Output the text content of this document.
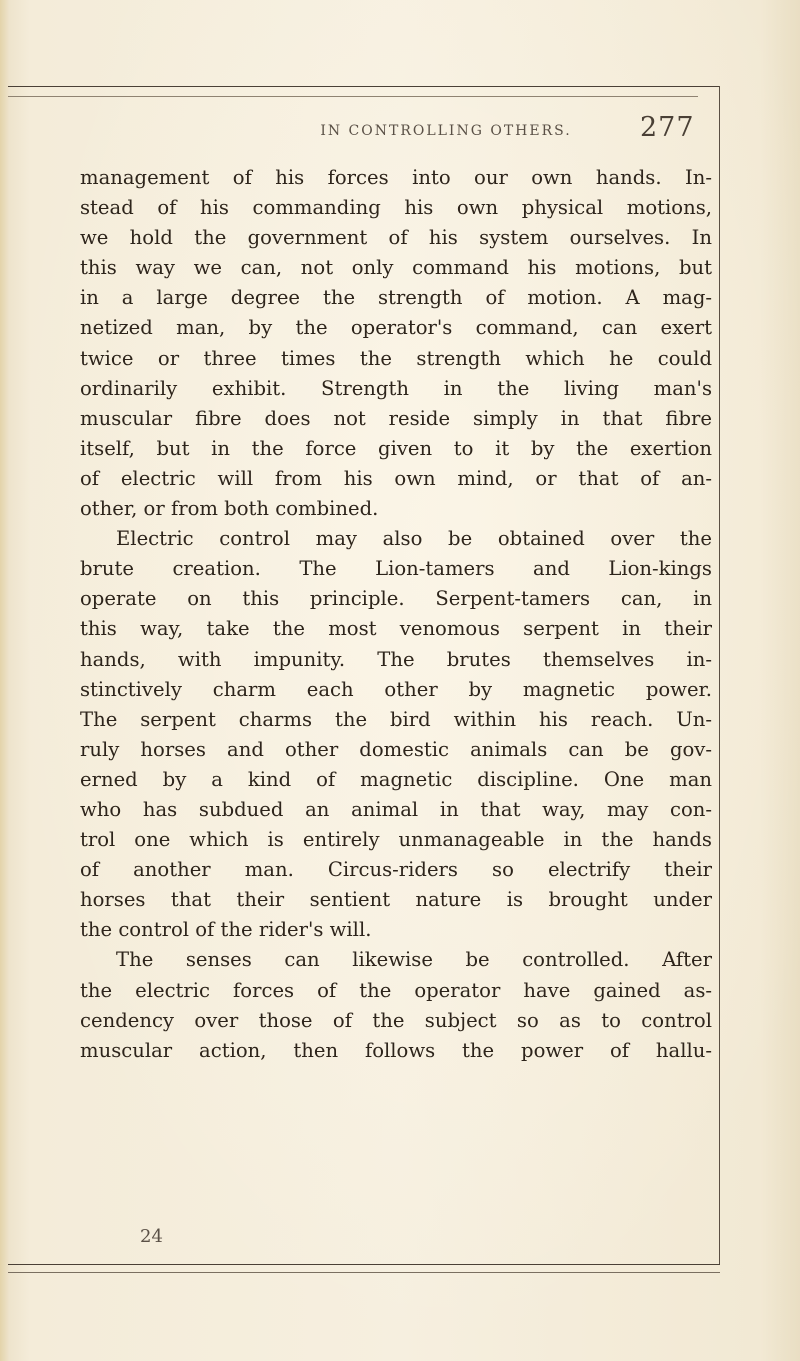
IN CONTROLLING OTHERS.	277
management of his forces into our own hands. In-
stead of his commanding his own physical motions,
we hold the government of his system ourselves. In
this way we can, not only command his motions, but
in a large degree the strength of motion. A mag-
netized man, by the operator's command, can exert
twice or three times the strength which he could
ordinarily exhibit. Strength in the living man's
muscular fibre does not reside simply in that fibre
itself, but in the force given to it by the exertion
of electric will from his own mind, or that of an-
other, or from both combined.
Electric control may also be obtained over the
brute creation. The Lion-tamers and Lion-kings
operate on this principle. Serpent-tamers can, in
this way, take the most venomous serpent in their
hands, with impunity. The brutes themselves in-
stinctively charm each other by magnetic power.
The serpent charms the bird within his reach. Un-
ruly horses and other domestic animals can be gov-
erned by a kind of magnetic discipline. One man
who has subdued an animal in that way, may con-
trol one which is entirely unmanageable in the hands
of another man. Circus-riders so electrify their
horses that their sentient nature is brought under
the control of the rider's will.
The senses can likewise be controlled. After
the electric forces of the operator have gained as-
cendency over those of the subject so as to control
muscular action, then follows the power of hallu-
24
